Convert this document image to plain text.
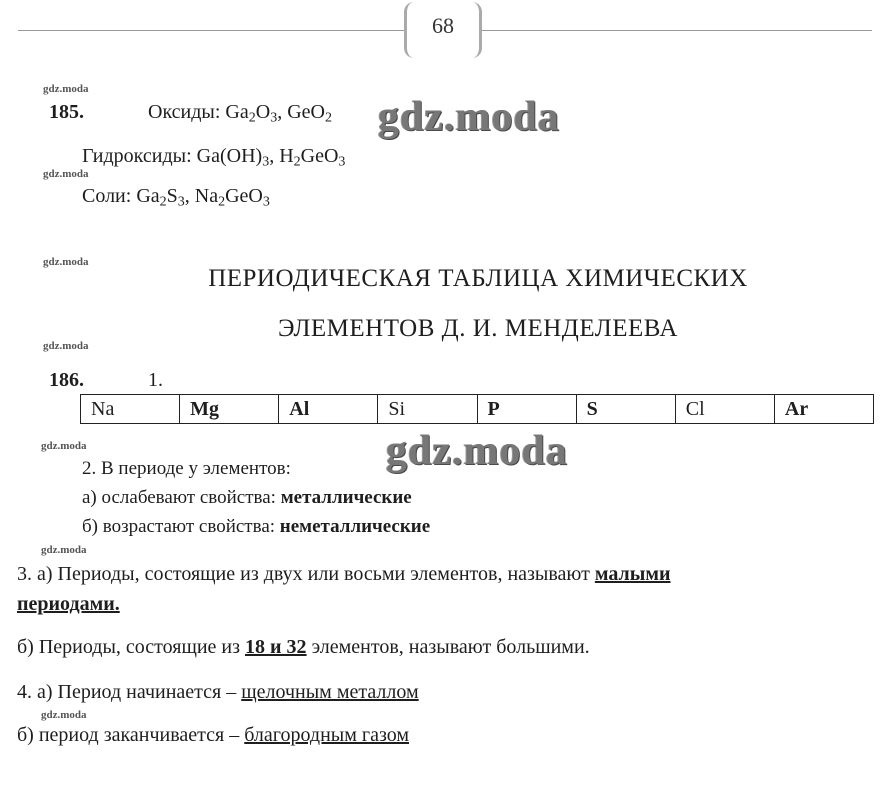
68
gdz.moda
gdz.moda
gdz.moda
gdz.moda
gdz.moda
gdz.moda
gdz.moda
185.	Оксиды: $Ga_2O_3$, GeO$_2$ gdz.moda
Гидроксиды: $Ga(OH)_3$, $H_2GeO_3$
Соли: $Ga_2S_3$, $Na_2GeO_3$
ПЕРИОДИЧЕСКАЯ ТАБЛИЦА ХИМИЧЕСКИХ
ЭЛЕМЕНТОВ Д. И. МЕНДЕЛЕЕВА
186.	1.
Na	Mg	Al	Si	P	S	Cl	Ar
gdz.moda
2. В периоде у элементов:
а) ослабевают свойства: металлические
б) возрастают свойства: неметаллические
3. а) Периоды, состоящие из двух или восьми элементов, называют малыми
периодами.
б) Периоды, состоящие из 18 и 32 элементов, называют большими.
4. а) Период начинается – щелочным металлом
б) период заканчивается – благородным газом
